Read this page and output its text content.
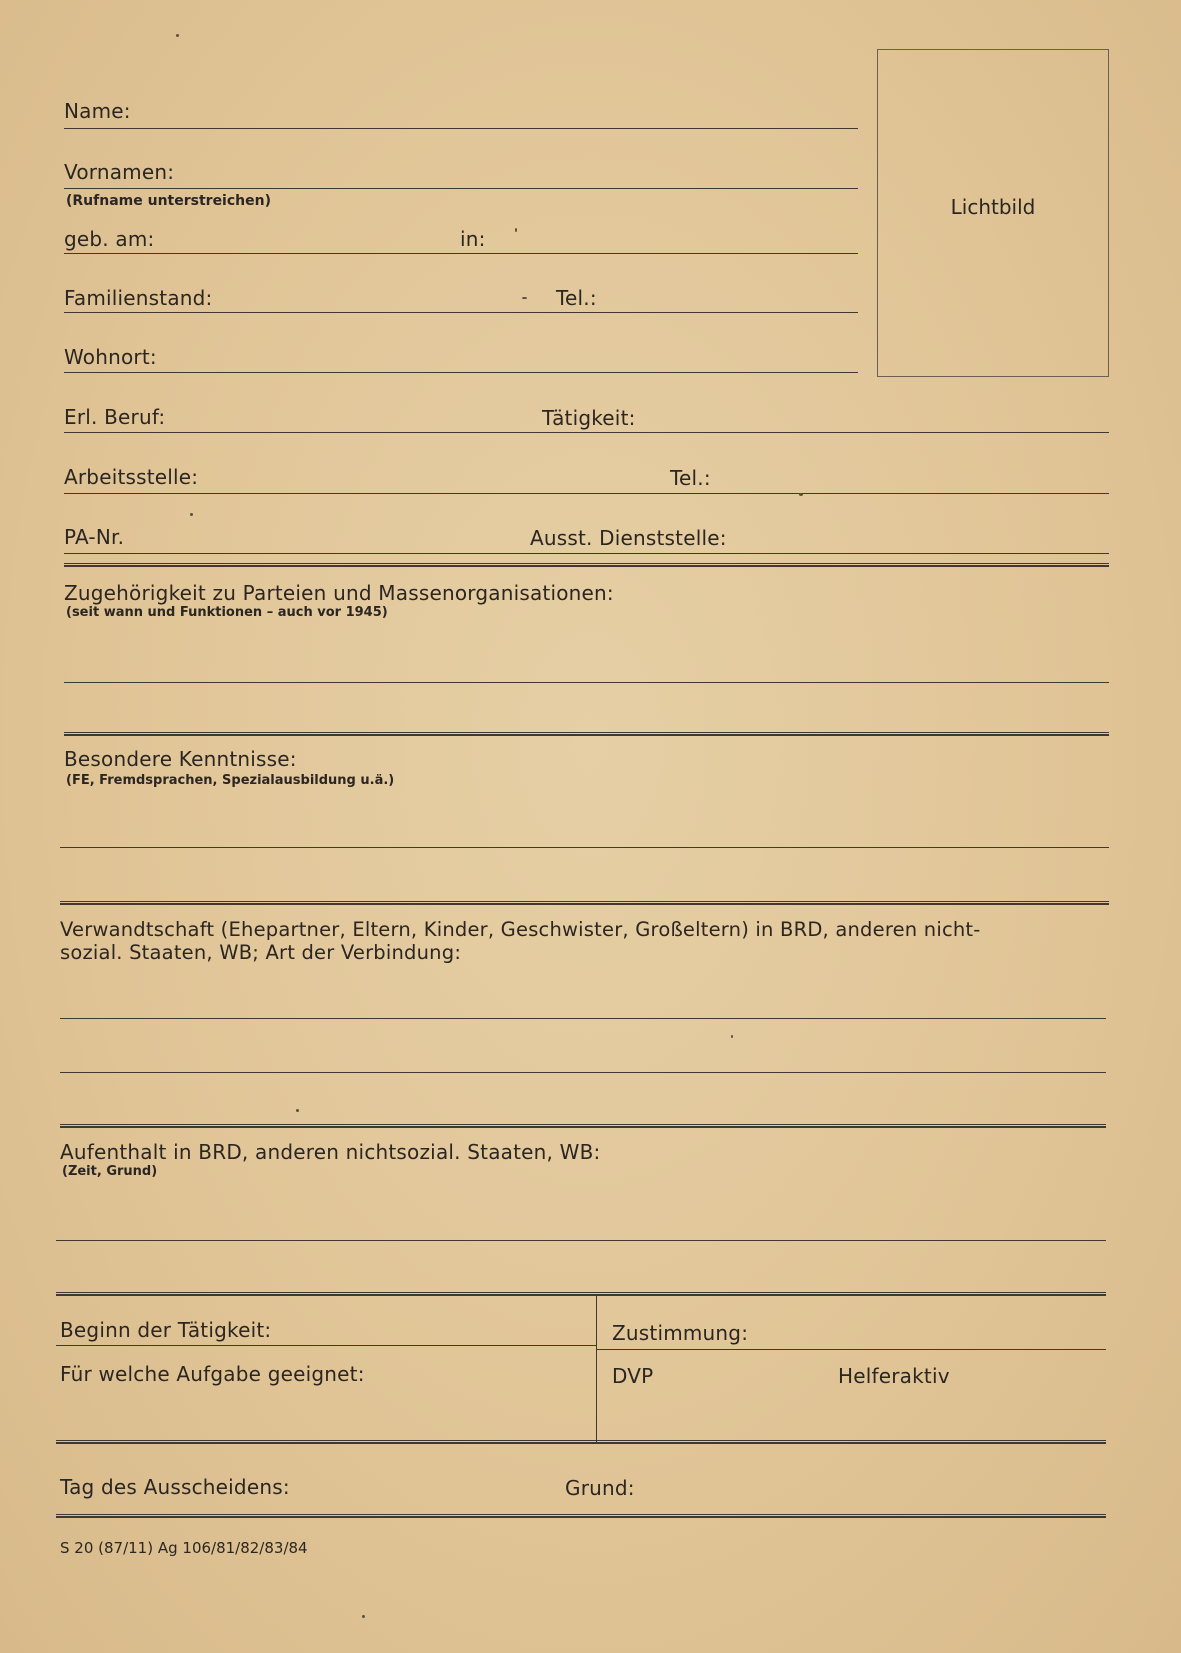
Lichtbild
Name:
Vornamen:
(Rufname unterstreichen)
geb. am:	in:
Familienstand:	Tel.:
Wohnort:
Erl. Beruf:	Tätigkeit:
Arbeitsstelle:	Tel.:
PA-Nr.	Ausst. Dienststelle:
Zugehörigkeit zu Parteien und Massenorganisationen:
(seit wann und Funktionen – auch vor 1945)
Besondere Kenntnisse:
(FE, Fremdsprachen, Spezialausbildung u.ä.)
Verwandtschaft (Ehepartner, Eltern, Kinder, Geschwister, Großeltern) in BRD, anderen nicht-
sozial. Staaten, WB; Art der Verbindung:
Aufenthalt in BRD, anderen nichtsozial. Staaten, WB:
(Zeit, Grund)
Beginn der Tätigkeit:	Zustimmung:
Für welche Aufgabe geeignet:	DVP	Helferaktiv
Tag des Ausscheidens:	Grund:
S 20 (87/11) Ag 106/81/82/83/84
